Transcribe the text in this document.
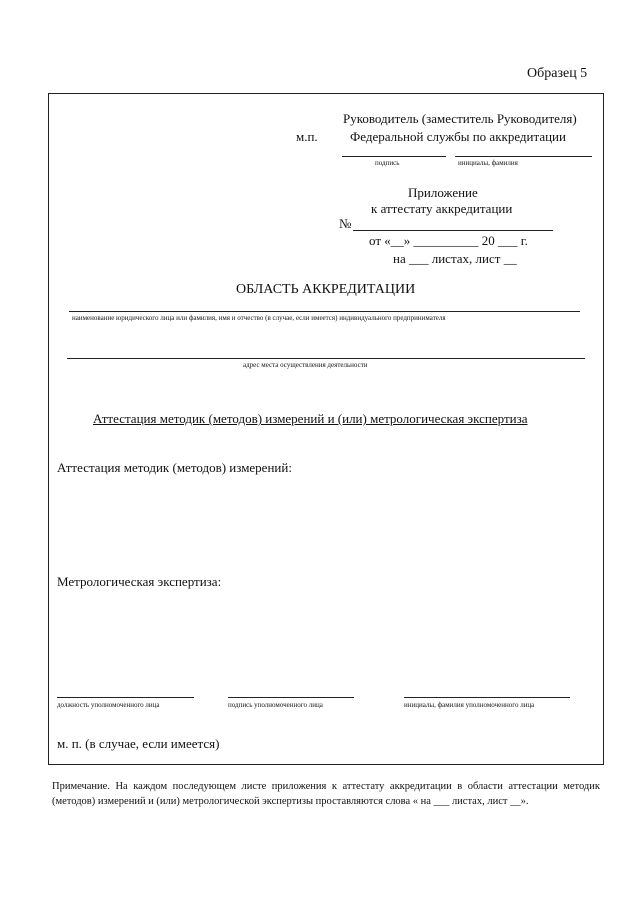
Образец 5
м.п.
Руководитель (заместитель Руководителя)
Федеральной службы по аккредитации
подпись	инициалы, фамилия
Приложение
к аттестату аккредитации
№
от «__» __________ 20 ___ г.
на ___ листах, лист __
ОБЛАСТЬ АККРЕДИТАЦИИ
наименование юридического лица или фамилия, имя и отчество (в случае, если имеется) индивидуального предпринимателя
адрес места осуществления деятельности
Аттестация методик (методов) измерений и (или) метрологическая экспертиза
Аттестация методик (методов) измерений:
Метрологическая экспертиза:
должность уполномоченного лица	подпись уполномоченного лица	инициалы, фамилия уполномоченного лица
м. п. (в случае, если имеется)
Примечание. На каждом последующем листе приложения к аттестату аккредитации в области аттестации методик (методов) измерений и (или) метрологической экспертизы проставляются слова « на ___ листах, лист __».
